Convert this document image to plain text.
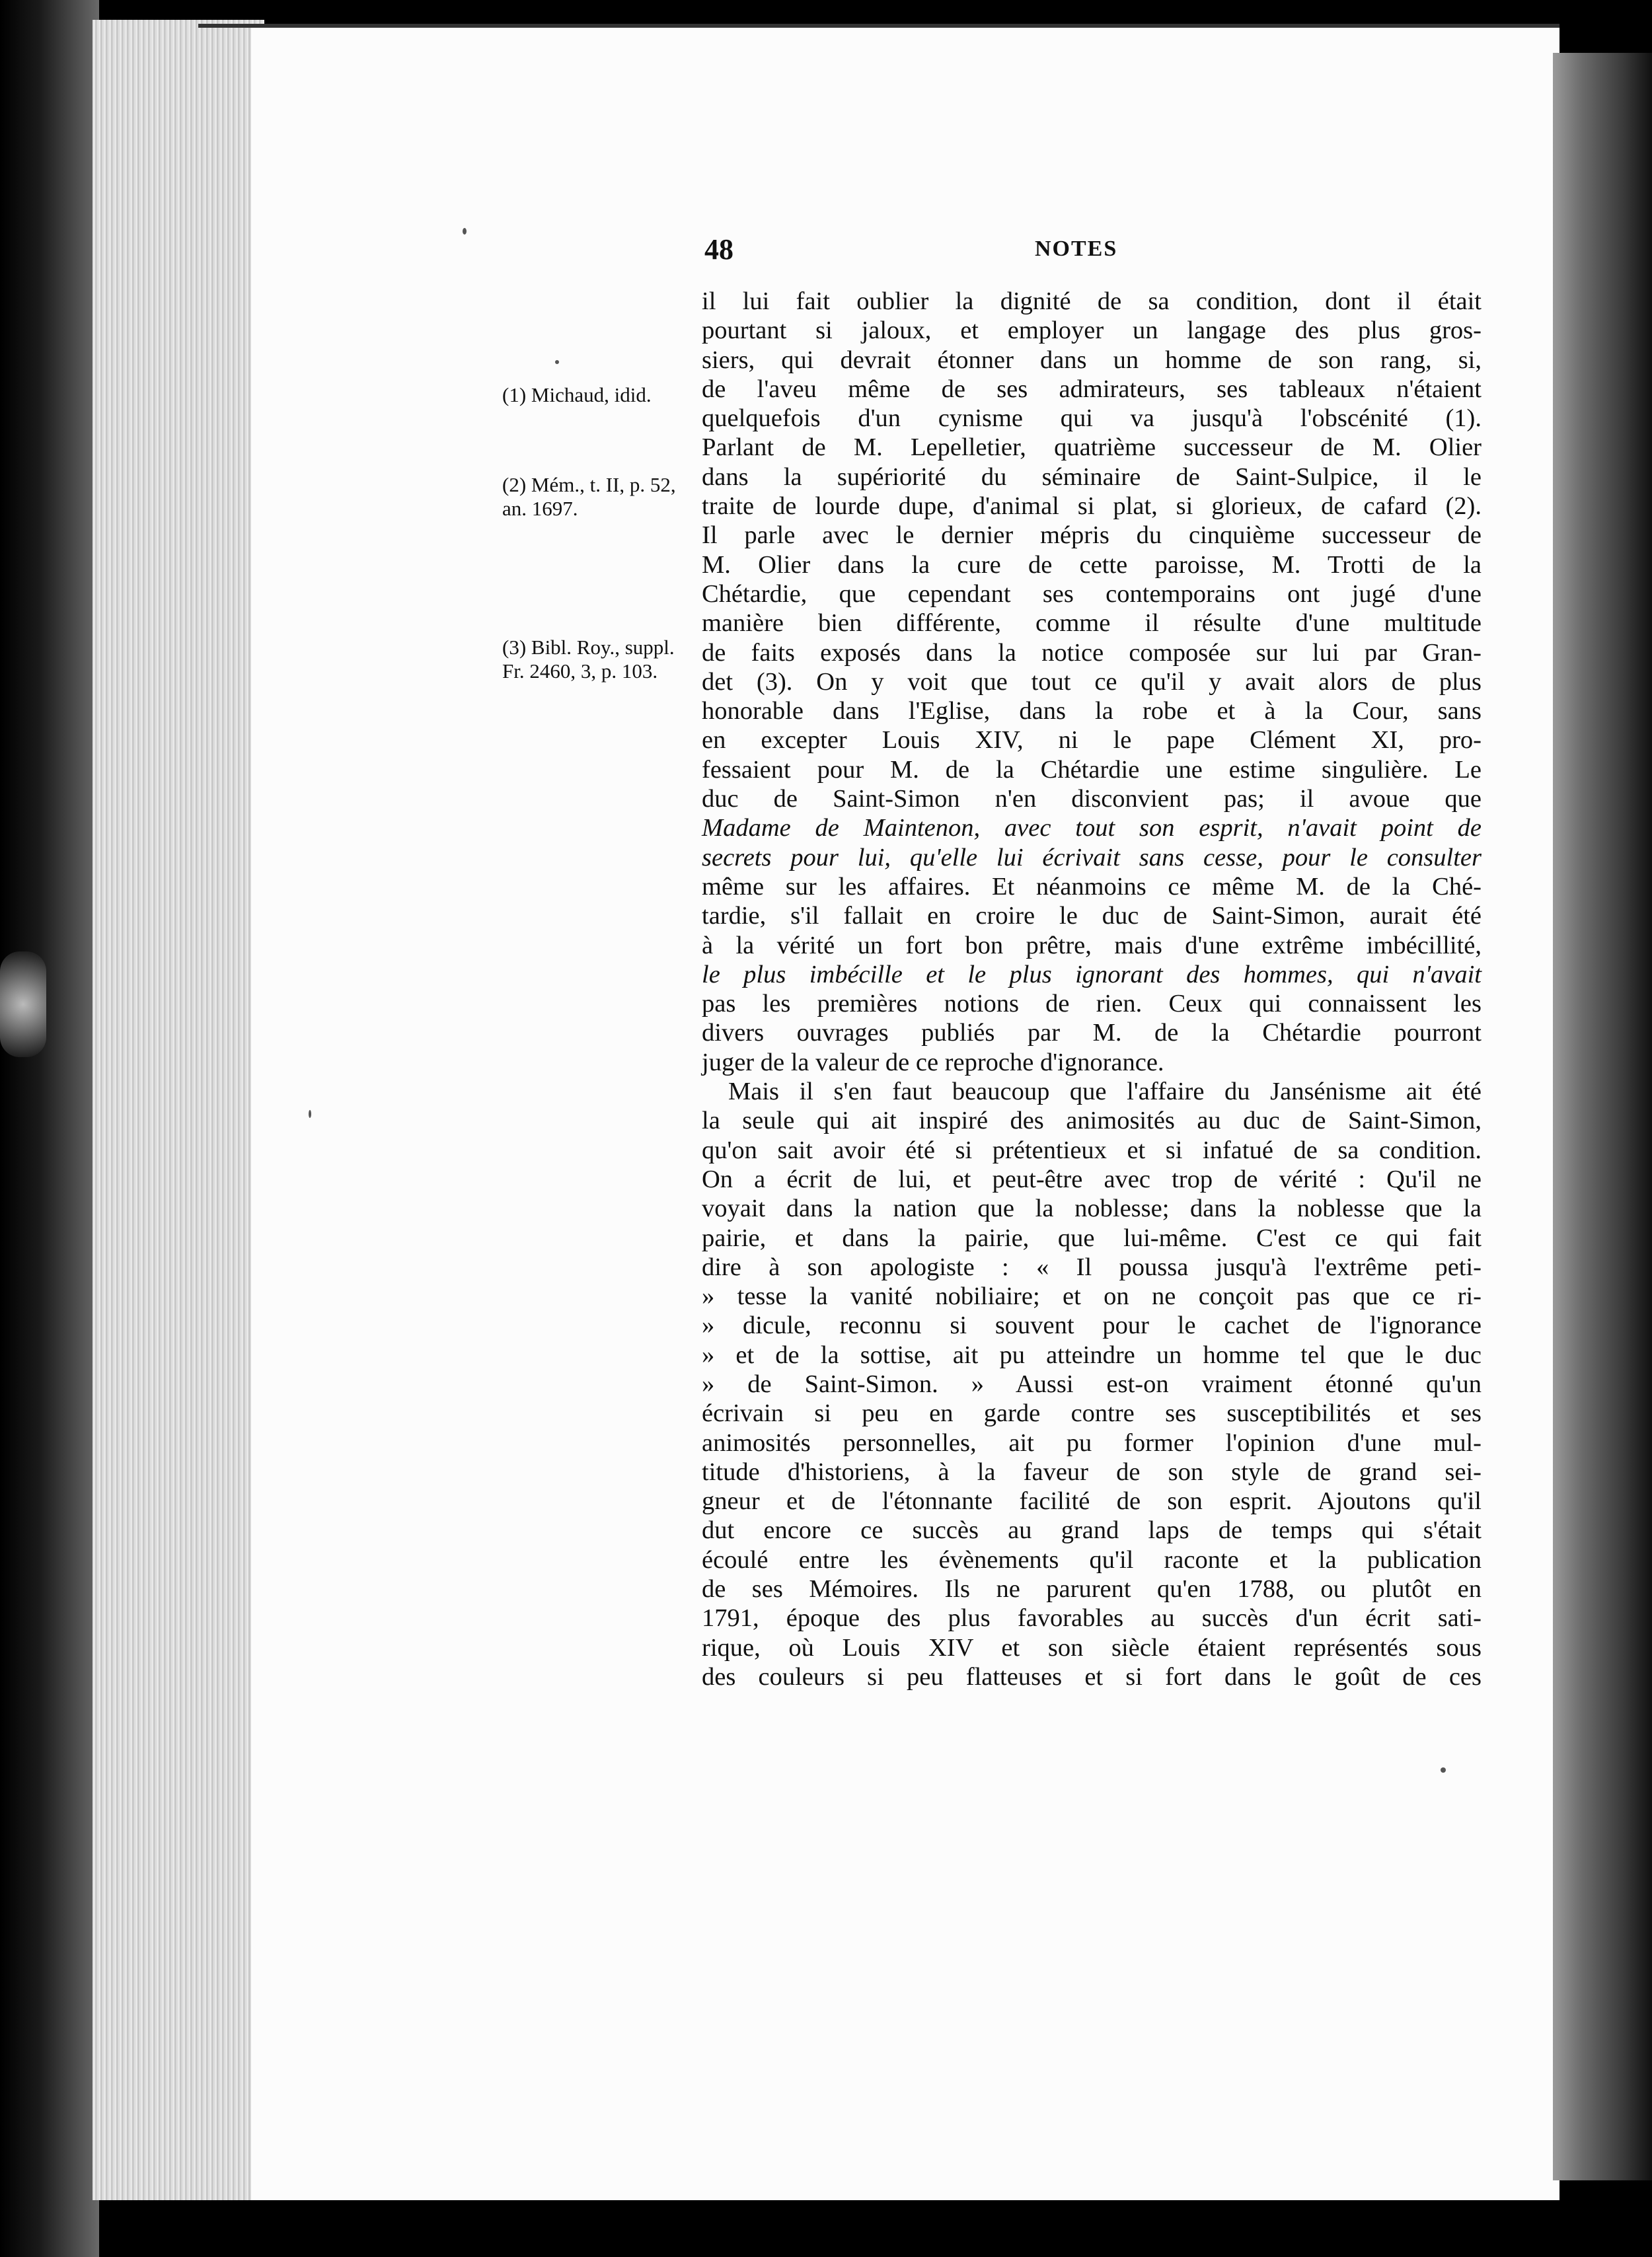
48	NOTES
(1) Michaud, idid.
(2) Mém., t. II, p. 52, an. 1697.
(3) Bibl. Roy., suppl. Fr. 2460, 3, p. 103.
il lui fait oublier la dignité de sa condition, dont il était
pourtant si jaloux, et employer un langage des plus gros-
siers, qui devrait étonner dans un homme de son rang, si,
de l'aveu même de ses admirateurs, ses tableaux n'étaient
quelquefois d'un cynisme qui va jusqu'à l'obscénité (1).
Parlant de M. Lepelletier, quatrième successeur de M. Olier
dans la supériorité du séminaire de Saint-Sulpice, il le
traite de lourde dupe, d'animal si plat, si glorieux, de cafard (2).
Il parle avec le dernier mépris du cinquième successeur de
M. Olier dans la cure de cette paroisse, M. Trotti de la
Chétardie, que cependant ses contemporains ont jugé d'une
manière bien différente, comme il résulte d'une multitude
de faits exposés dans la notice composée sur lui par Gran-
det (3). On y voit que tout ce qu'il y avait alors de plus
honorable dans l'Eglise, dans la robe et à la Cour, sans
en excepter Louis XIV, ni le pape Clément XI, pro-
fessaient pour M. de la Chétardie une estime singulière. Le
duc de Saint-Simon n'en disconvient pas; il avoue que
Madame de Maintenon, avec tout son esprit, n'avait point de
secrets pour lui, qu'elle lui écrivait sans cesse, pour le consulter
même sur les affaires. Et néanmoins ce même M. de la Ché-
tardie, s'il fallait en croire le duc de Saint-Simon, aurait été
à la vérité un fort bon prêtre, mais d'une extrême imbécillité,
le plus imbécille et le plus ignorant des hommes, qui n'avait
pas les premières notions de rien. Ceux qui connaissent les
divers ouvrages publiés par M. de la Chétardie pourront
juger de la valeur de ce reproche d'ignorance.
Mais il s'en faut beaucoup que l'affaire du Jansénisme ait été
la seule qui ait inspiré des animosités au duc de Saint-Simon,
qu'on sait avoir été si prétentieux et si infatué de sa condition.
On a écrit de lui, et peut-être avec trop de vérité : Qu'il ne
voyait dans la nation que la noblesse; dans la noblesse que la
pairie, et dans la pairie, que lui-même. C'est ce qui fait
dire à son apologiste : « Il poussa jusqu'à l'extrême peti-
» tesse la vanité nobiliaire; et on ne conçoit pas que ce ri-
» dicule, reconnu si souvent pour le cachet de l'ignorance
» et de la sottise, ait pu atteindre un homme tel que le duc
» de Saint-Simon. » Aussi est-on vraiment étonné qu'un
écrivain si peu en garde contre ses susceptibilités et ses
animosités personnelles, ait pu former l'opinion d'une mul-
titude d'historiens, à la faveur de son style de grand sei-
gneur et de l'étonnante facilité de son esprit. Ajoutons qu'il
dut encore ce succès au grand laps de temps qui s'était
écoulé entre les évènements qu'il raconte et la publication
de ses Mémoires. Ils ne parurent qu'en 1788, ou plutôt en
1791, époque des plus favorables au succès d'un écrit sati-
rique, où Louis XIV et son siècle étaient représentés sous
des couleurs si peu flatteuses et si fort dans le goût de ces
